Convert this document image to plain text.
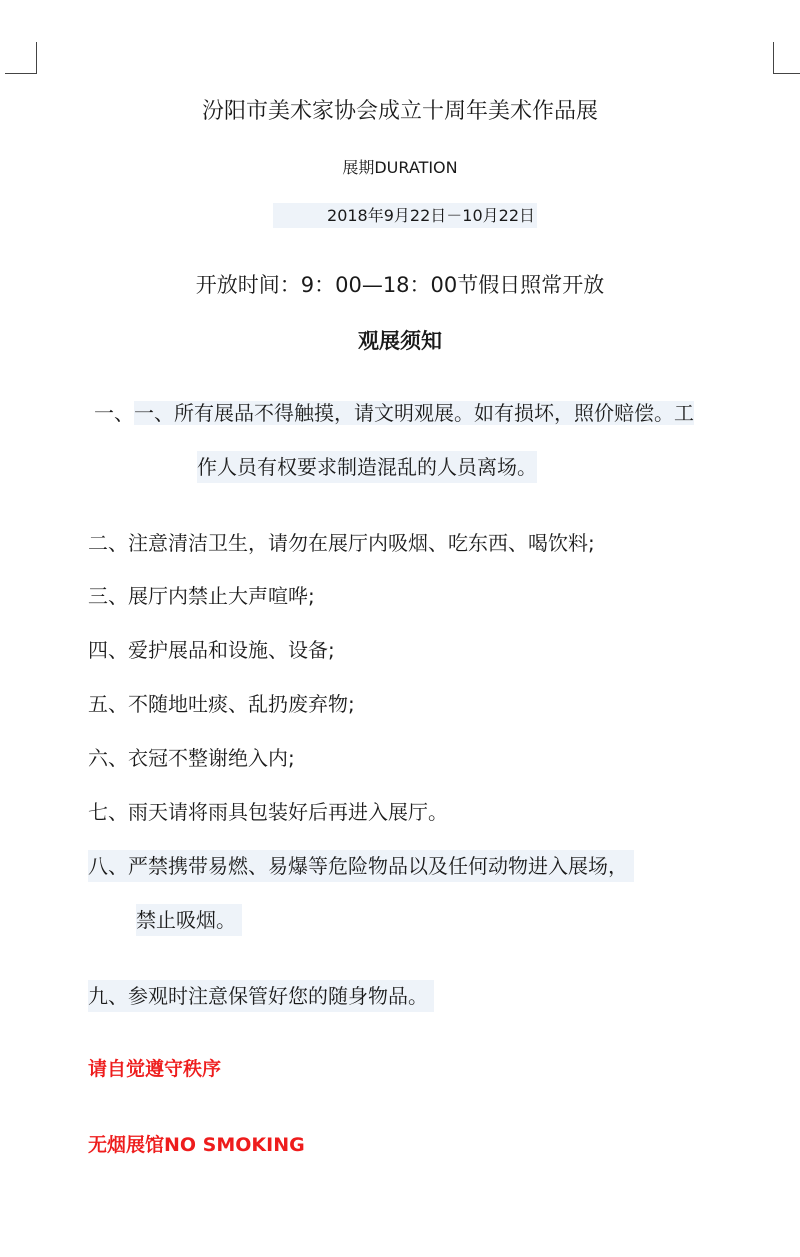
汾阳市美术家协会成立十周年美术作品展
展期DURATION
2018年9月22日－10月22日
开放时间：9：00—18：00节假日照常开放
观展须知
一、一、所有展品不得触摸，请文明观展。如有损坏，照价赔偿。工
作人员有权要求制造混乱的人员离场。
二、注意清洁卫生，请勿在展厅内吸烟、吃东西、喝饮料;
三、展厅内禁止大声喧哗;
四、爱护展品和设施、设备;
五、不随地吐痰、乱扔废弃物;
六、衣冠不整谢绝入内;
七、雨天请将雨具包装好后再进入展厅。
八、严禁携带易燃、易爆等危险物品以及任何动物进入展场，
禁止吸烟。
九、参观时注意保管好您的随身物品。
请自觉遵守秩序
无烟展馆NO SMOKING
